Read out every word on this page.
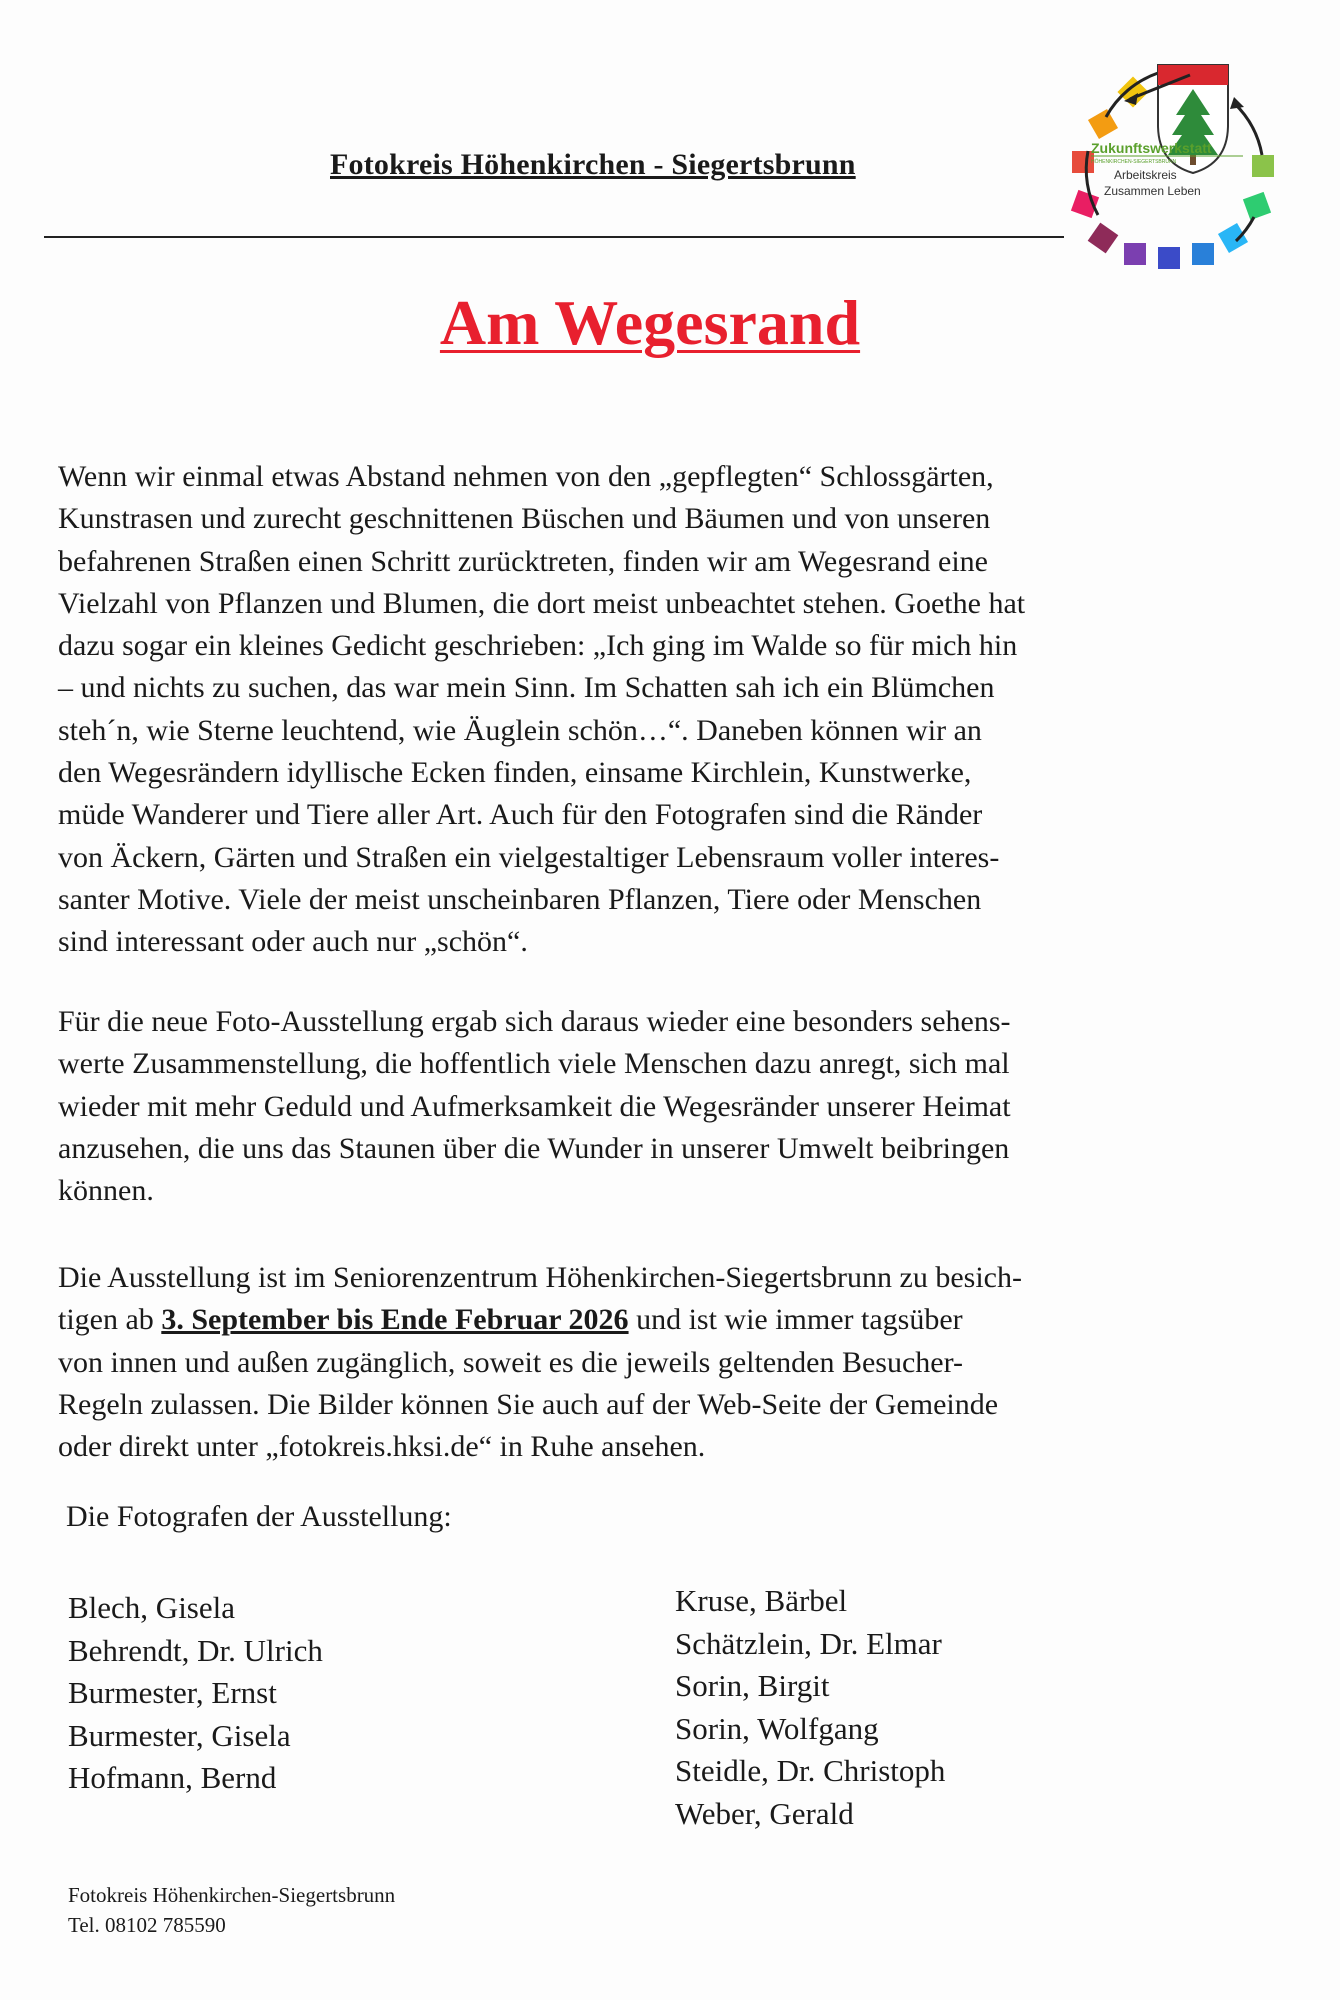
Fotokreis Höhenkirchen - Siegertsbrunn	Zukunftswerkstatt
HÖHENKIRCHEN-SIEGERTSBRUNN
Arbeitskreis
Zusammen Leben
Am Wegesrand
Wenn wir einmal etwas Abstand nehmen von den „gepflegten“ Schlossgärten,
Kunstrasen und zurecht geschnittenen Büschen und Bäumen und von unseren
befahrenen Straßen einen Schritt zurücktreten, finden wir am Wegesrand eine
Vielzahl von Pflanzen und Blumen, die dort meist unbeachtet stehen. Goethe hat
dazu sogar ein kleines Gedicht geschrieben: „Ich ging im Walde so für mich hin
– und nichts zu suchen, das war mein Sinn. Im Schatten sah ich ein Blümchen
steh´n, wie Sterne leuchtend, wie Äuglein schön…“. Daneben können wir an
den Wegesrändern idyllische Ecken finden, einsame Kirchlein, Kunstwerke,
müde Wanderer und Tiere aller Art. Auch für den Fotografen sind die Ränder
von Äckern, Gärten und Straßen ein vielgestaltiger Lebensraum voller interes-
santer Motive. Viele der meist unscheinbaren Pflanzen, Tiere oder Menschen
sind interessant oder auch nur „schön“.
Für die neue Foto-Ausstellung ergab sich daraus wieder eine besonders sehens-
werte Zusammenstellung, die hoffentlich viele Menschen dazu anregt, sich mal
wieder mit mehr Geduld und Aufmerksamkeit die Wegesränder unserer Heimat
anzusehen, die uns das Staunen über die Wunder in unserer Umwelt beibringen
können.
Die Ausstellung ist im Seniorenzentrum Höhenkirchen-Siegertsbrunn zu besich-
tigen ab 3. September bis Ende Februar 2026 und ist wie immer tagsüber
von innen und außen zugänglich, soweit es die jeweils geltenden Besucher-
Regeln zulassen. Die Bilder können Sie auch auf der Web-Seite der Gemeinde
oder direkt unter „fotokreis.hksi.de“ in Ruhe ansehen.
Die Fotografen der Ausstellung:
Blech, Gisela
Behrendt, Dr. Ulrich
Burmester, Ernst
Burmester, Gisela
Hofmann, Bernd
Kruse, Bärbel
Schätzlein, Dr. Elmar
Sorin, Birgit
Sorin, Wolfgang
Steidle, Dr. Christoph
Weber, Gerald
Fotokreis Höhenkirchen-Siegertsbrunn
Tel. 08102 785590
